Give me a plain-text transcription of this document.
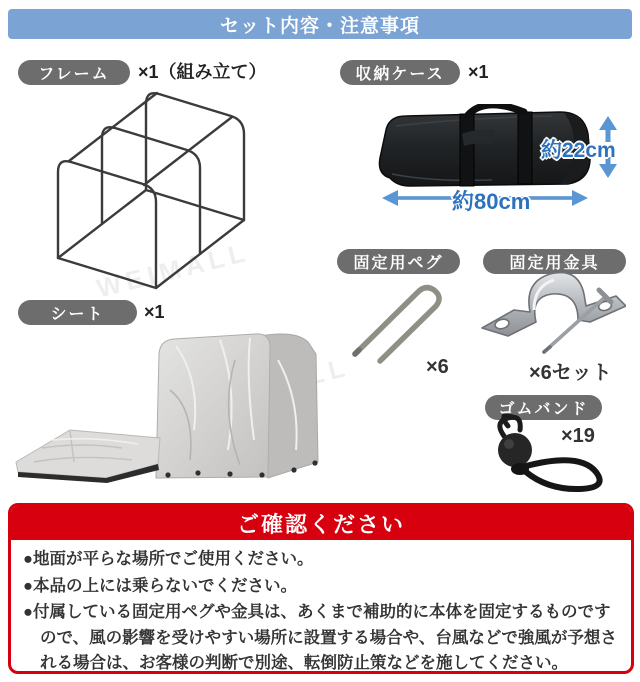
セット内容・注意事項
WEIMALL
フレーム ×1（組み立て）	収納ケース ×1
約22cm
約80cm
固定用ペグ
×6
固定用金具
×6セット
シート ×1
ゴムバンド
×19
ご確認ください
●地面が平らな場所でご使用ください。
●本品の上には乗らないでください。
●付属している固定用ペグや金具は、あくまで補助的に本体を固定するものですので、風の影響を受けやすい場所に設置する場合や、台風などで強風が予想される場合は、お客様の判断で別途、転倒防止策などを施してください。
